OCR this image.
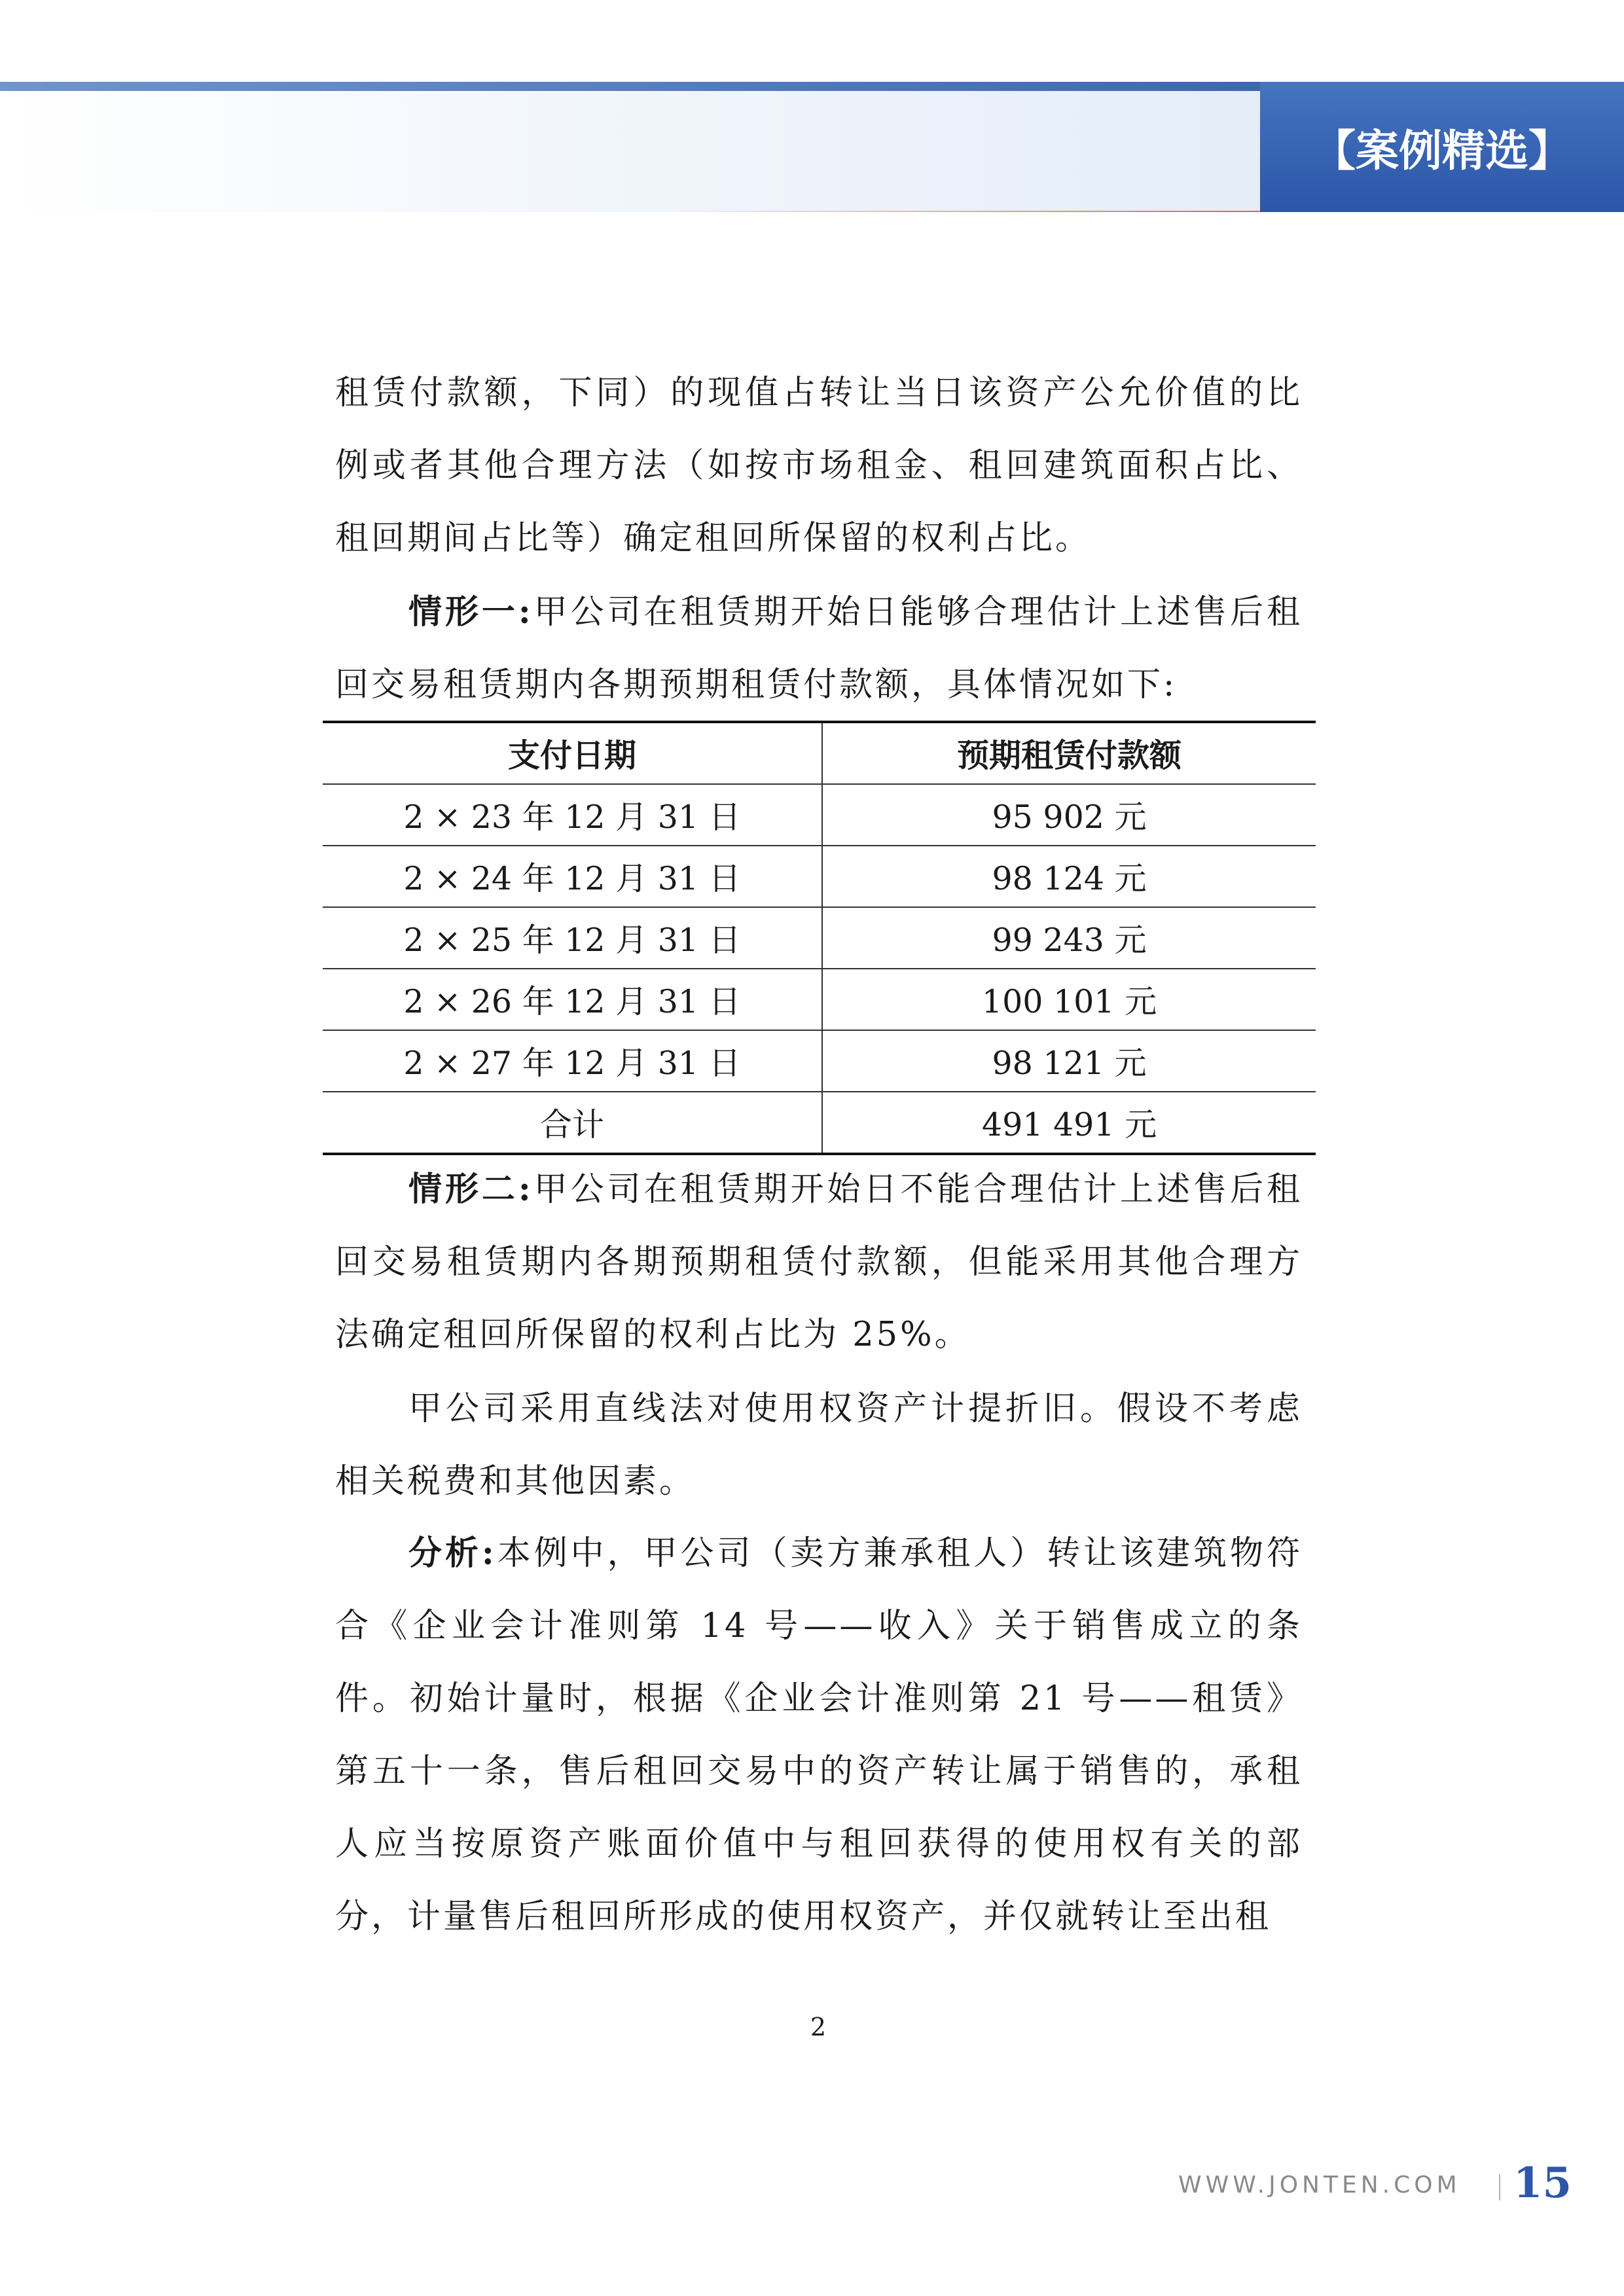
【案例精选】
租赁付款额，下同）的现值占转让当日该资产公允价值的比例或者其他合理方法（如按市场租金、租回建筑面积占比、租回期间占比等）确定租回所保留的权利占比。
情形一:甲公司在租赁期开始日能够合理估计上述售后租回交易租赁期内各期预期租赁付款额，具体情况如下:
支付日期	预期租赁付款额
2 × 23 年 12 月 31 日	95 902 元
2 × 24 年 12 月 31 日	98 124 元
2 × 25 年 12 月 31 日	99 243 元
2 × 26 年 12 月 31 日	100 101 元
2 × 27 年 12 月 31 日	98 121 元
合计	491 491 元
情形二:甲公司在租赁期开始日不能合理估计上述售后租回交易租赁期内各期预期租赁付款额，但能采用其他合理方法确定租回所保留的权利占比为 25%。
甲公司采用直线法对使用权资产计提折旧。假设不考虑相关税费和其他因素。
分析:本例中，甲公司（卖方兼承租人）转让该建筑物符合《企业会计准则第 14 号——收入》关于销售成立的条件。初始计量时，根据《企业会计准则第 21 号——租赁》第五十一条，售后租回交易中的资产转让属于销售的，承租人应当按原资产账面价值中与租回获得的使用权有关的部分，计量售后租回所形成的使用权资产，并仅就转让至出租
2
WWW.JONTEN.COM 15
